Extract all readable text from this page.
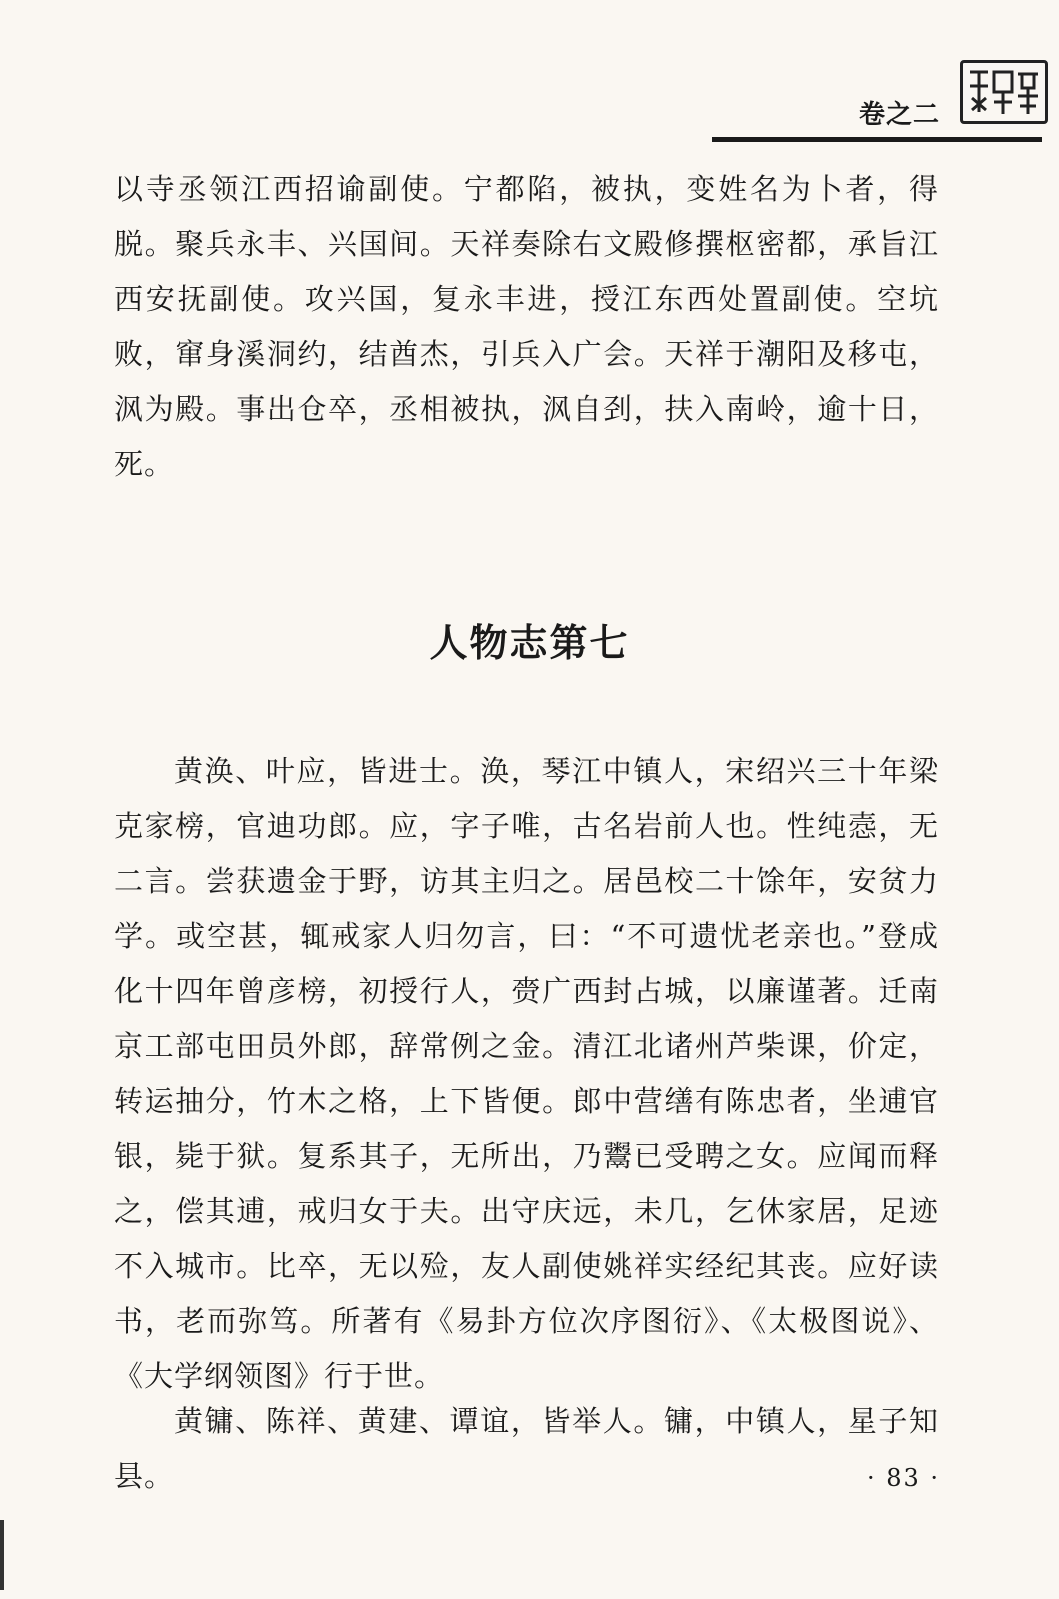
卷之二

以寺丞领江西招谕副使。宁都陷，被执，变姓名为卜者，得脱。聚兵永丰、兴国间。天祥奏除右文殿修撰枢密都，承旨江西安抚副使。攻兴国，复永丰进，授江东西处置副使。空坑败，窜身溪洞约，结酋杰，引兵入广会。天祥于潮阳及移屯，沨为殿。事出仓卒，丞相被执，沨自刭，扶入南岭，逾十日，死。

人物志第七

黄涣、叶应，皆进士。涣，琴江中镇人，宋绍兴三十年梁克家榜，官迪功郎。应，字子唯，古名岩前人也。性纯悫，无二言。尝获遗金于野，访其主归之。居邑校二十馀年，安贫力学。或空甚，辄戒家人归勿言，曰：“不可遗忧老亲也。”登成化十四年曾彦榜，初授行人，赍广西封占城，以廉谨著。迁南京工部屯田员外郎，辞常例之金。清江北诸州芦柴课，价定，转运抽分，竹木之格，上下皆便。郎中营缮有陈忠者，坐逋官银，毙于狱。复系其子，无所出，乃鬻已受聘之女。应闻而释之，偿其逋，戒归女于夫。出守庆远，未几，乞休家居，足迹不入城市。比卒，无以殓，友人副使姚祥实经纪其丧。应好读书，老而弥笃。所著有《易卦方位次序图衍》、《太极图说》、《大学纲领图》行于世。

黄镛、陈祥、黄建、谭谊，皆举人。镛，中镇人，星子知县。	· 83 ·
